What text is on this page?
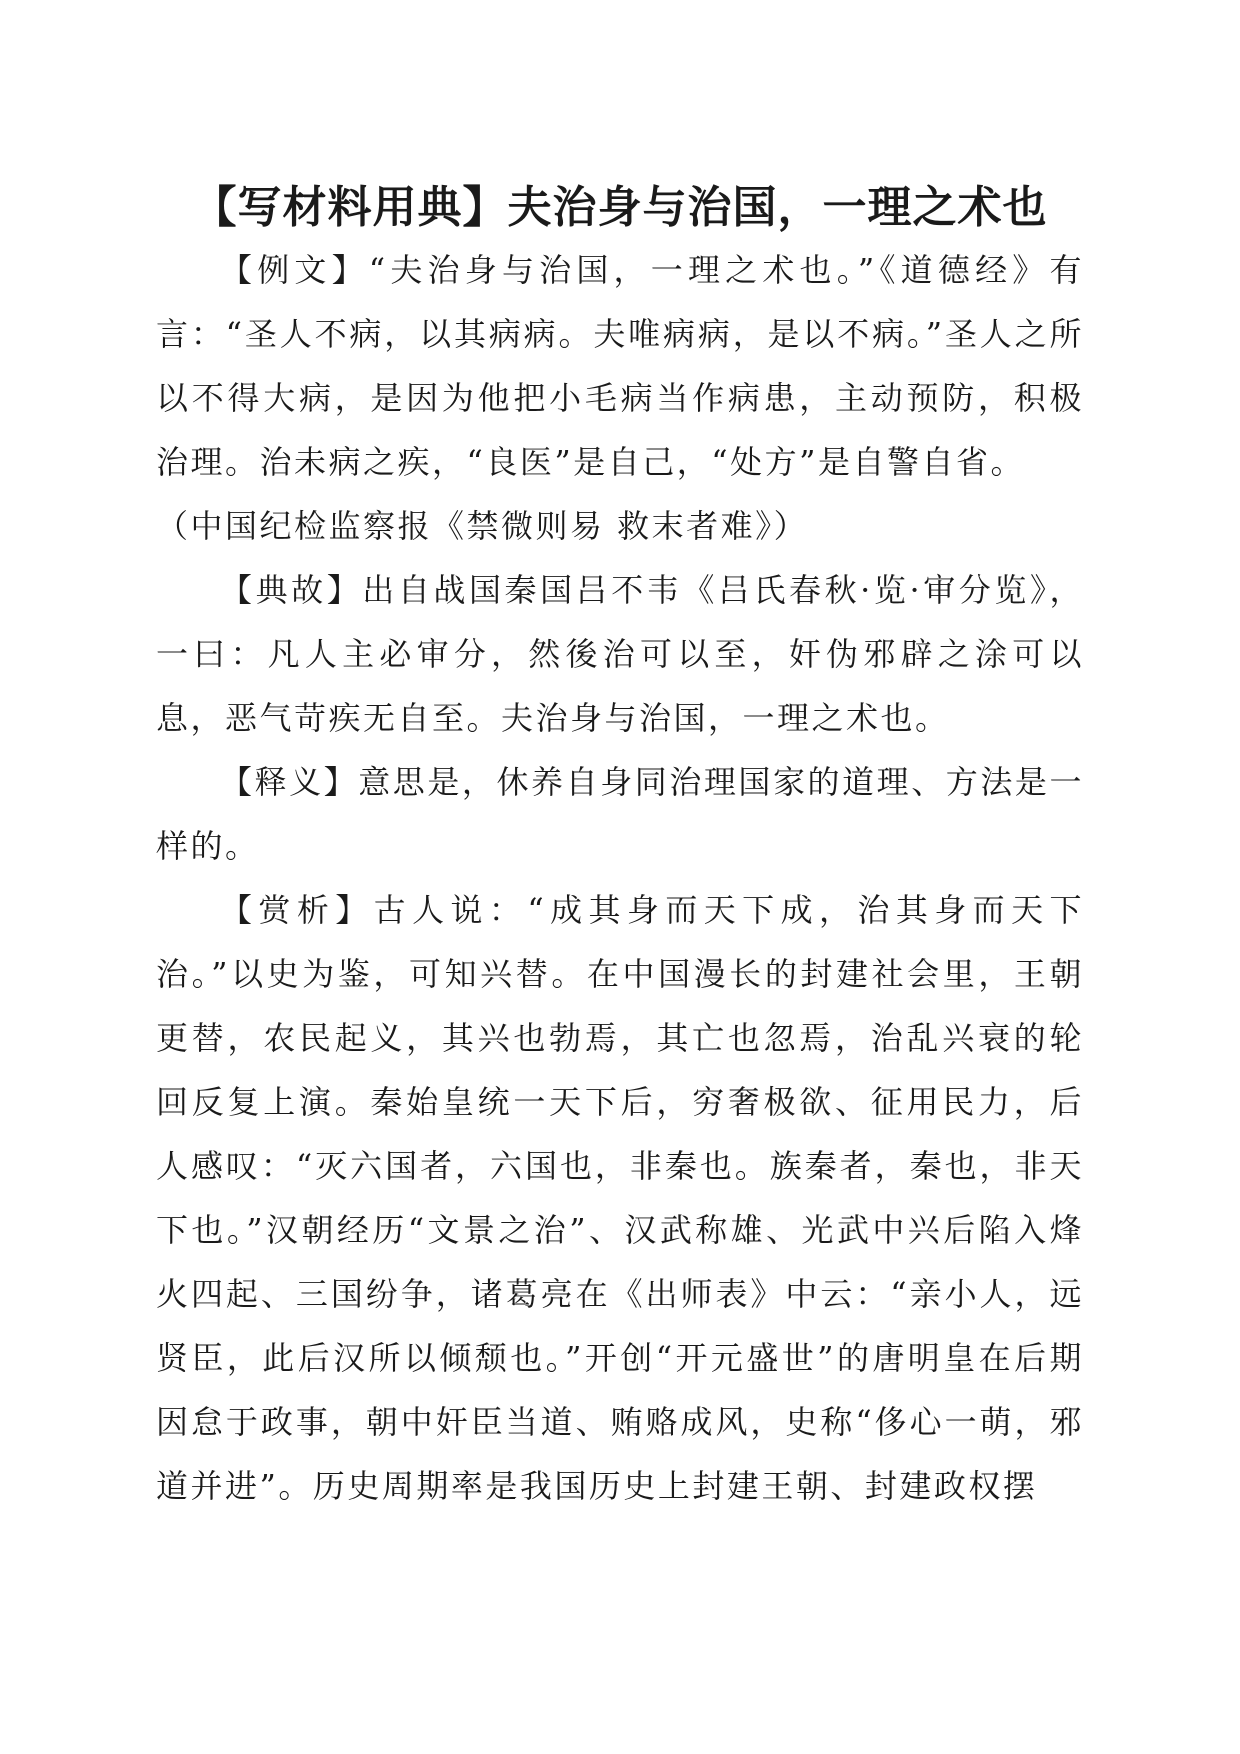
【写材料用典】夫治身与治国，一理之术也

【例文】“夫治身与治国，一理之术也。”《道德经》有言：“圣人不病，以其病病。夫唯病病，是以不病。”圣人之所以不得大病，是因为他把小毛病当作病患，主动预防，积极治理。治未病之疾，“良医”是自己，“处方”是自警自省。
（中国纪检监察报《禁微则易 救末者难》）

【典故】出自战国秦国吕不韦《吕氏春秋·览·审分览》，一曰：凡人主必审分，然後治可以至，奸伪邪辟之涂可以息，恶气苛疾无自至。夫治身与治国，一理之术也。

【释义】意思是，休养自身同治理国家的道理、方法是一样的。

【赏析】古人说：“成其身而天下成，治其身而天下治。”以史为鉴，可知兴替。在中国漫长的封建社会里，王朝更替，农民起义，其兴也勃焉，其亡也忽焉，治乱兴衰的轮回反复上演。秦始皇统一天下后，穷奢极欲、征用民力，后人感叹：“灭六国者，六国也，非秦也。族秦者，秦也，非天下也。”汉朝经历“文景之治”、汉武称雄、光武中兴后陷入烽火四起、三国纷争，诸葛亮在《出师表》中云：“亲小人，远贤臣，此后汉所以倾颓也。”开创“开元盛世”的唐明皇在后期因怠于政事，朝中奸臣当道、贿赂成风，史称“侈心一萌，邪道并进”。历史周期率是我国历史上封建王朝、封建政权摆
